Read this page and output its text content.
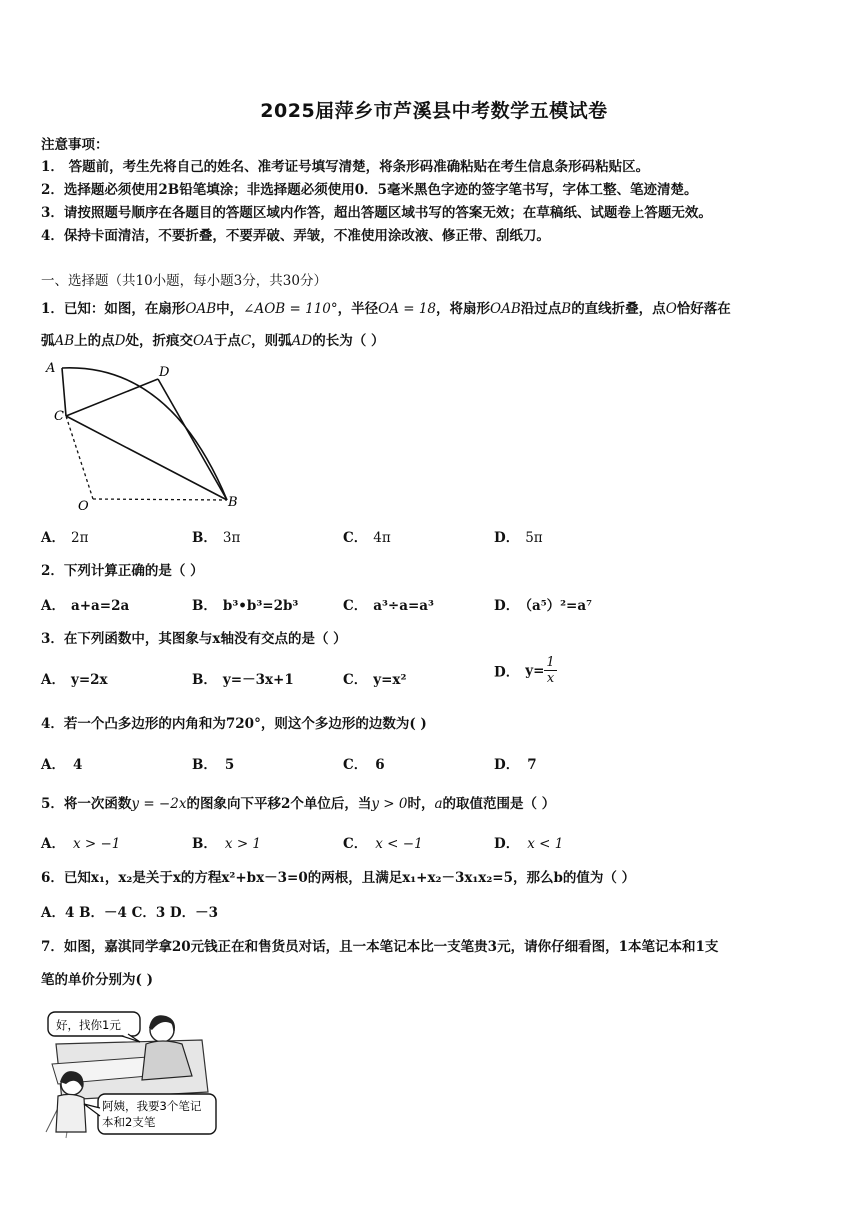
2025届萍乡市芦溪县中考数学五模试卷
注意事项：
1． 答题前，考生先将自己的姓名、准考证号填写清楚，将条形码准确粘贴在考生信息条形码粘贴区。
2．选择题必须使用2B铅笔填涂；非选择题必须使用0．5毫米黑色字迹的签字笔书写，字体工整、笔迹清楚。
3．请按照题号顺序在各题目的答题区域内作答，超出答题区域书写的答案无效；在草稿纸、试题卷上答题无效。
4．保持卡面清洁，不要折叠，不要弄破、弄皱，不准使用涂改液、修正带、刮纸刀。
一、选择题（共10小题，每小题3分，共30分）
1．已知：如图，在扇形OAB中，∠AOB = 110°，半径OA = 18，将扇形OAB沿过点B的直线折叠，点O恰好落在
弧AB上的点D处，折痕交OA于点C，则弧AD的长为（ ）
A	D
C
O	B
A． 2π	B． 3π	C． 4π	D． 5π
2．下列计算正确的是（ ）
A． a+a=2a	B． b³•b³=2b³	C． a³÷a=a³	D． （a⁵）²=a⁷
3．在下列函数中，其图象与x轴没有交点的是（ ）
A． y=2x	B． y=－3x+1	C． y=x²	D． $y= \frac{1}{x}$
4．若一个凸多边形的内角和为720°，则这个多边形的边数为( )
A． 4	B． 5	C． 6	D． 7
5．将一次函数y = −2x的图象向下平移2个单位后，当y > 0时，a的取值范围是（ ）
A． x > −1	B． x > 1	C． x < −1	D． x < 1
6．已知x₁，x₂是关于x的方程x²+bx－3=0的两根，且满足x₁+x₂－3x₁x₂=5，那么b的值为（ ）
A．4 B．－4 C．3 D．－3
7．如图，嘉淇同学拿20元钱正在和售货员对话，且一本笔记本比一支笔贵3元，请你仔细看图，1本笔记本和1支
笔的单价分别为( )
好，找你1元
阿姨，我要3个笔记
本和2支笔
